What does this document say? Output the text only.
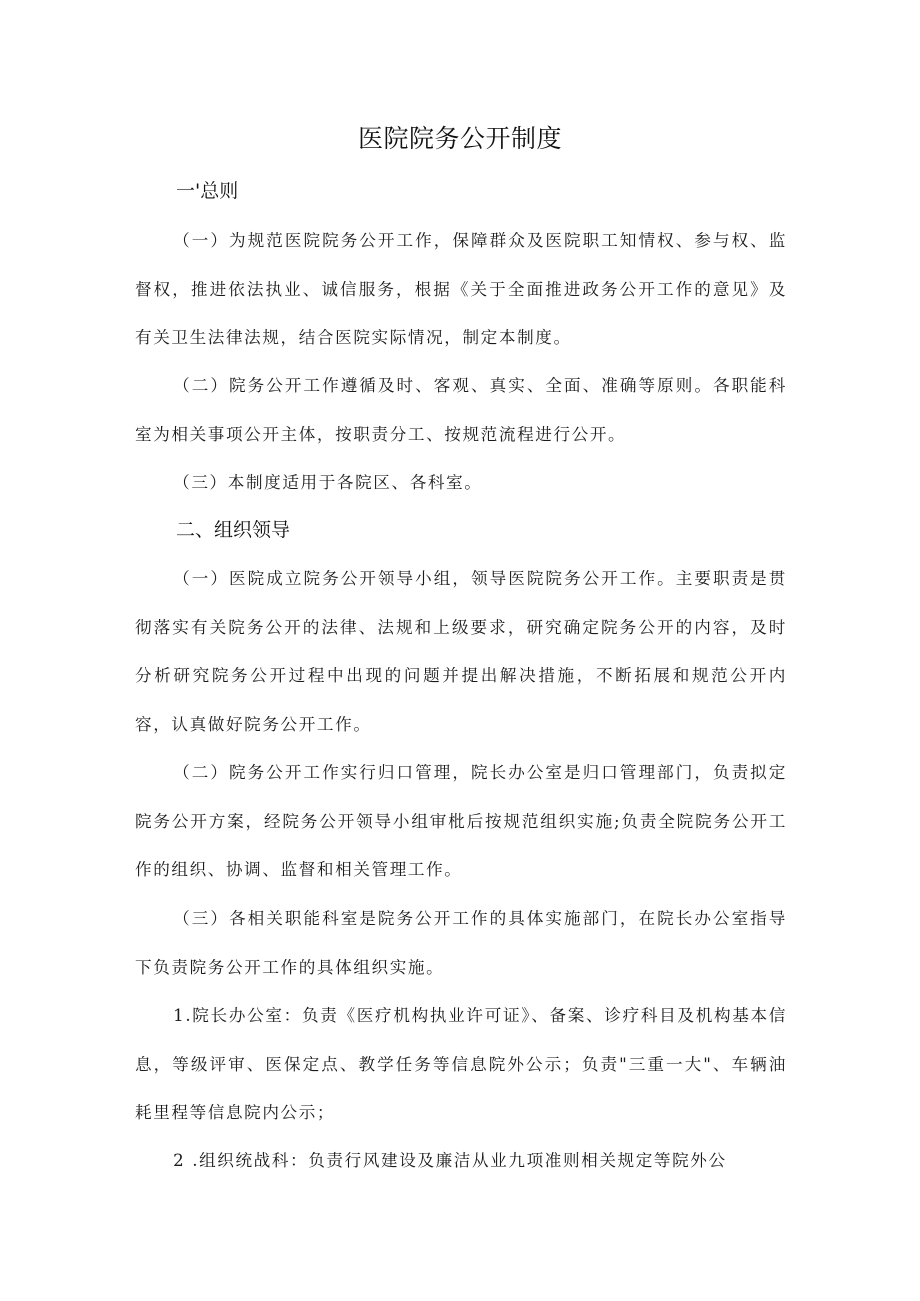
医院院务公开制度
一'总则
（一）为规范医院院务公开工作，保障群众及医院职工知情权、参与权、监督权，推进依法执业、诚信服务，根据《关于全面推进政务公开工作的意见》及有关卫生法律法规，结合医院实际情况，制定本制度。
（二）院务公开工作遵循及时、客观、真实、全面、准确等原则。各职能科室为相关事项公开主体，按职责分工、按规范流程进行公开。
（三）本制度适用于各院区、各科室。
二、组织领导
（一）医院成立院务公开领导小组，领导医院院务公开工作。主要职责是贯彻落实有关院务公开的法律、法规和上级要求，研究确定院务公开的内容，及时分析研究院务公开过程中出现的问题并提出解决措施，不断拓展和规范公开内容，认真做好院务公开工作。
（二）院务公开工作实行归口管理，院长办公室是归口管理部门，负责拟定院务公开方案，经院务公开领导小组审枇后按规范组织实施;负责全院院务公开工作的组织、协调、监督和相关管理工作。
（三）各相关职能科室是院务公开工作的具体实施部门，在院长办公室指导下负责院务公开工作的具体组织实施。
1.院长办公室：负责《医疗机构执业许可证》、备案、诊疗科目及机构基本信息，等级评审、医保定点、教学任务等信息院外公示；负责"三重一大"、车辆油耗里程等信息院内公示；
2 .组织统战科：负责行风建设及廉洁从业九项准则相关规定等院外公
